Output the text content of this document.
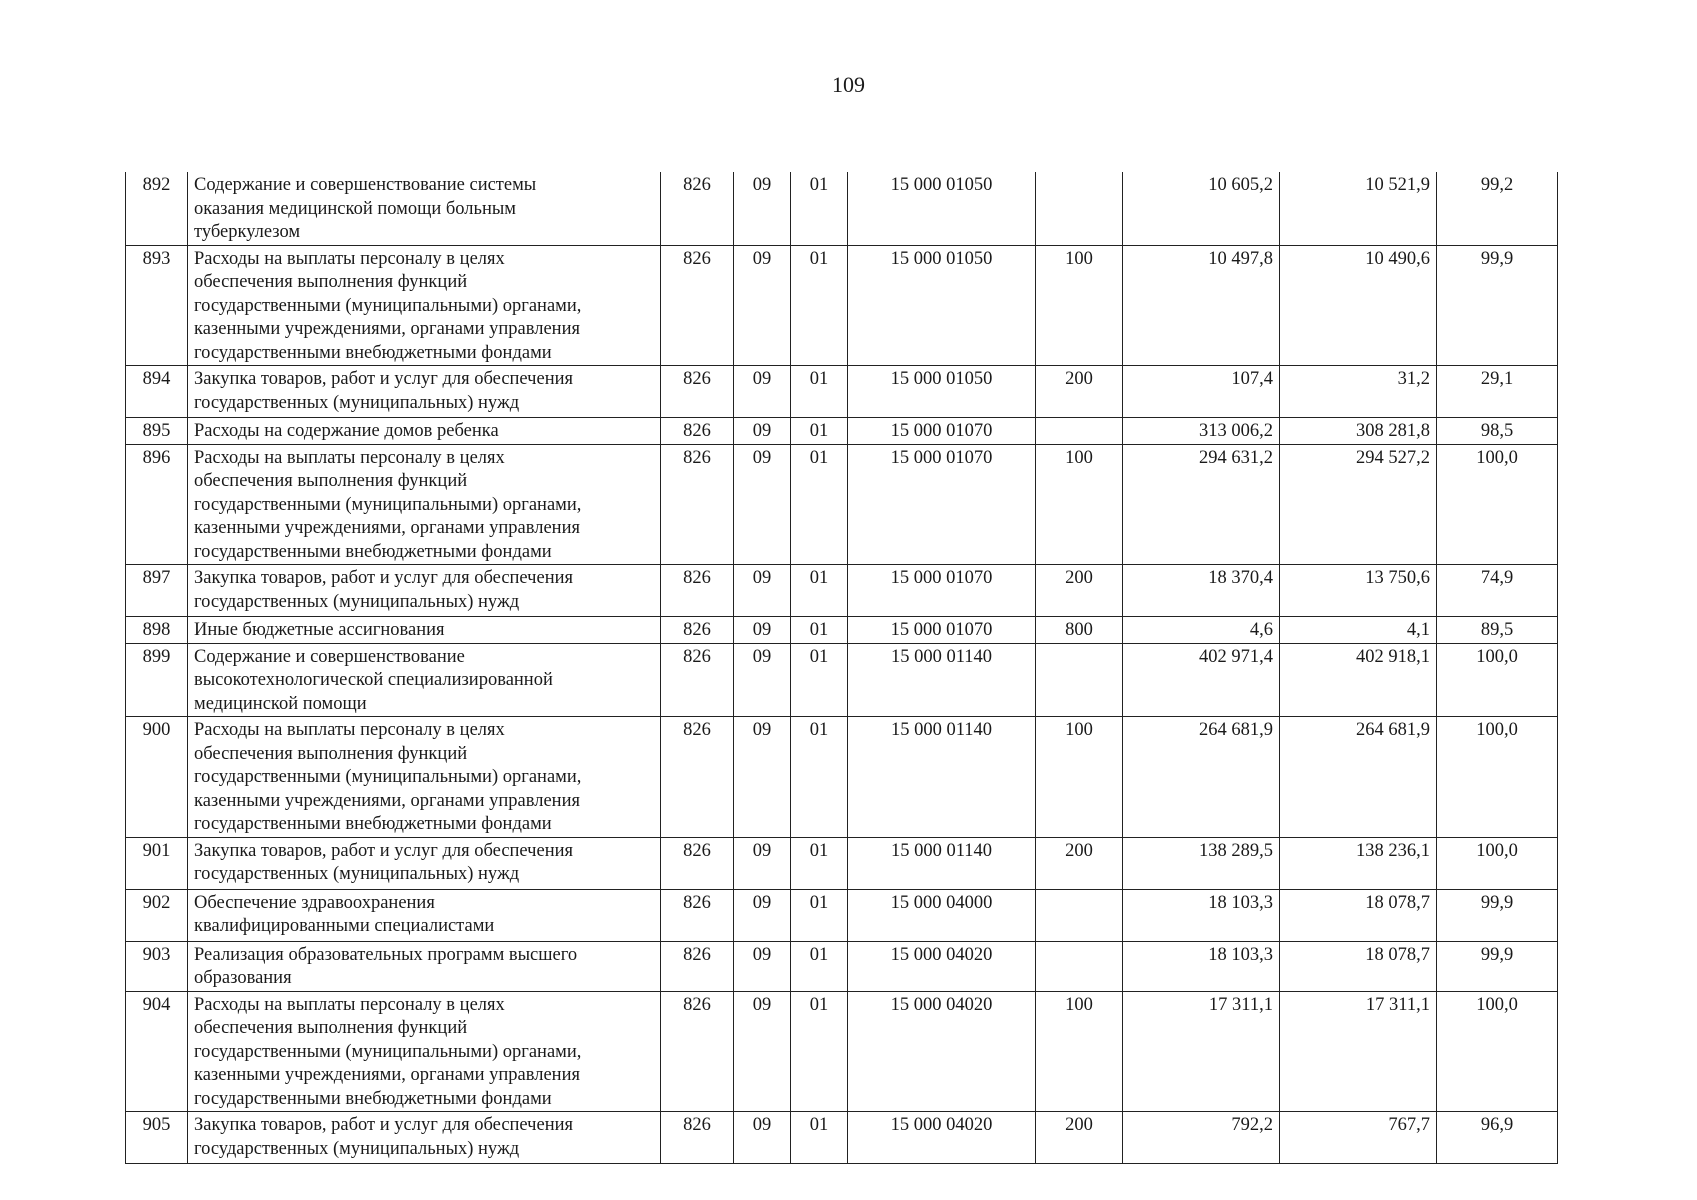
109
892	Содержание и совершенствование системы
оказания медицинской помощи больным
туберкулезом	826	09	01	15 000 01050		10 605,2	10 521,9	99,2
893	Расходы на выплаты персоналу в целях
обеспечения выполнения функций
государственными (муниципальными) органами,
казенными учреждениями, органами управления
государственными внебюджетными фондами	826	09	01	15 000 01050	100	10 497,8	10 490,6	99,9
894	Закупка товаров, работ и услуг для обеспечения
государственных (муниципальных) нужд	826	09	01	15 000 01050	200	107,4	31,2	29,1
895	Расходы на содержание домов ребенка	826	09	01	15 000 01070		313 006,2	308 281,8	98,5
896	Расходы на выплаты персоналу в целях
обеспечения выполнения функций
государственными (муниципальными) органами,
казенными учреждениями, органами управления
государственными внебюджетными фондами	826	09	01	15 000 01070	100	294 631,2	294 527,2	100,0
897	Закупка товаров, работ и услуг для обеспечения
государственных (муниципальных) нужд	826	09	01	15 000 01070	200	18 370,4	13 750,6	74,9
898	Иные бюджетные ассигнования	826	09	01	15 000 01070	800	4,6	4,1	89,5
899	Содержание и совершенствование
высокотехнологической специализированной
медицинской помощи	826	09	01	15 000 01140		402 971,4	402 918,1	100,0
900	Расходы на выплаты персоналу в целях
обеспечения выполнения функций
государственными (муниципальными) органами,
казенными учреждениями, органами управления
государственными внебюджетными фондами	826	09	01	15 000 01140	100	264 681,9	264 681,9	100,0
901	Закупка товаров, работ и услуг для обеспечения
государственных (муниципальных) нужд	826	09	01	15 000 01140	200	138 289,5	138 236,1	100,0
902	Обеспечение здравоохранения
квалифицированными специалистами	826	09	01	15 000 04000		18 103,3	18 078,7	99,9
903	Реализация образовательных программ высшего
образования	826	09	01	15 000 04020		18 103,3	18 078,7	99,9
904	Расходы на выплаты персоналу в целях
обеспечения выполнения функций
государственными (муниципальными) органами,
казенными учреждениями, органами управления
государственными внебюджетными фондами	826	09	01	15 000 04020	100	17 311,1	17 311,1	100,0
905	Закупка товаров, работ и услуг для обеспечения
государственных (муниципальных) нужд	826	09	01	15 000 04020	200	792,2	767,7	96,9
